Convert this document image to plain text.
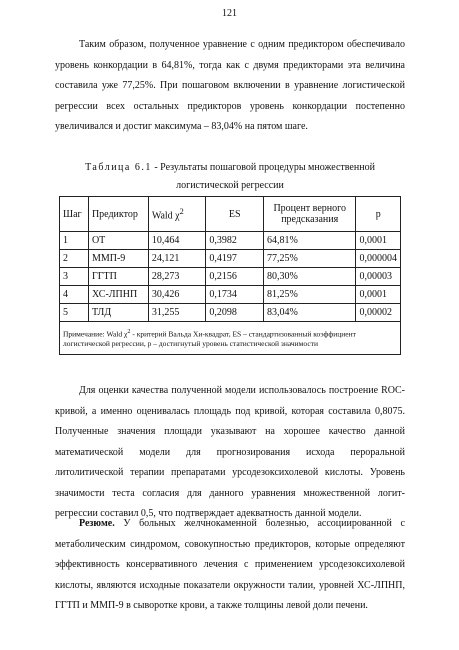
121

Таким образом, полученное уравнение с одним предиктором обеспечивало уровень конкордации в 64,81%, тогда как с двумя предикторами эта величина составила уже 77,25%. При пошаговом включении в уравнение логистической регрессии всех остальных предикторов уровень конкордации постепенно увеличивался и достиг максимума – 83,04% на пятом шаге.

Таблица 6.1 - Результаты пошаговой процедуры множественной логистической регрессии
Шаг	Предиктор	Wald $\chi^2$	ES	Процент верного предсказания	p
1	ОТ	10,464	0,3982	64,81%	0,0001
2	ММП-9	24,121	0,4197	77,25%	0,000004
3	ГГТП	28,273	0,2156	80,30%	0,00003
4	ХС-ЛПНП	30,426	0,1734	81,25%	0,0001
5	ТЛД	31,255	0,2098	83,04%	0,00002
Примечание: Wald $\chi^2$ - критерий Вальда Хи-квадрат, ES – стандартизованный коэффициент логистической регрессии, p – достигнутый уровень статистической значимости					

Для оценки качества полученной модели использовалось построение ROC-кривой, а именно оценивалась площадь под кривой, которая составила 0,8075. Полученные значения площади указывают на хорошее качество данной математической модели для прогнозирования исхода пероральной литолитической терапии препаратами урсодезоксихолевой кислоты. Уровень значимости теста согласия для данного уравнения множественной логит-регрессии составил 0,5, что подтверждает адекватность данной модели.

Резюме. У больных желчнокаменной болезнью, ассоциированной с метаболическим синдромом, совокупностью предикторов, которые определяют эффективность консервативного лечения с применением урсодезоксихолевой кислоты, являются исходные показатели окружности талии, уровней ХС-ЛПНП, ГГТП и ММП-9 в сыворотке крови, а также толщины левой доли печени.
